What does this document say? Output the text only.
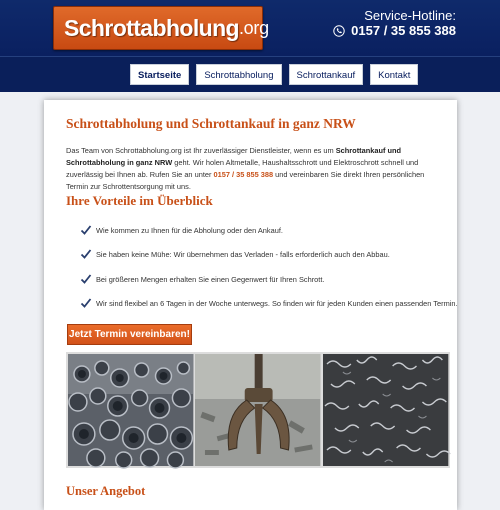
Schrottabholung .org
Service-Hotline:
0157 / 35 855 388
Startseite	Schrottabholung	Schrottankauf	Kontakt
Schrottabholung und Schrottankauf in ganz NRW

Das Team von Schrottabholung.org ist Ihr zuverlässiger Dienstleister, wenn es um Schrottankauf und Schrottabholung in ganz NRW geht. Wir holen Altmetalle, Haushaltsschrott und Elektroschrott schnell und zuverlässig bei Ihnen ab. Rufen Sie an unter 0157 / 35 855 388 und vereinbaren Sie direkt Ihren persönlichen Termin zur Schrottentsorgung mit uns.

Ihre Vorteile im Überblick
Wie kommen zu Ihnen für die Abholung oder den Ankauf.
Sie haben keine Mühe: Wir übernehmen das Verladen - falls erforderlich auch den Abbau.
Bei größeren Mengen erhalten Sie einen Gegenwert für Ihren Schrott.
Wir sind flexibel an 6 Tagen in der Woche unterwegs. So finden wir für jeden Kunden einen passenden Termin.
Jetzt Termin vereinbaren!
Unser Angebot
